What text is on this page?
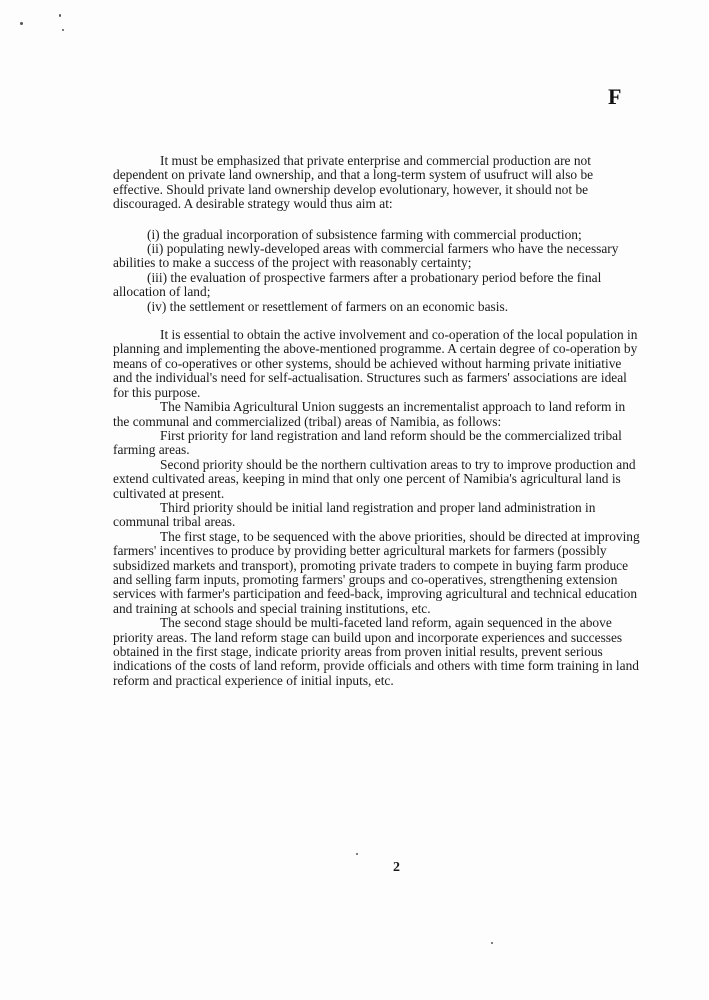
F

It must be emphasized that private enterprise and commercial production are not dependent on private land ownership, and that a long-term system of usufruct will also be effective. Should private land ownership develop evolutionary, however, it should not be discouraged. A desirable strategy would thus aim at:

(i) the gradual incorporation of subsistence farming with commercial production;

(ii) populating newly-developed areas with commercial farmers who have the necessary abilities to make a success of the project with reasonably certainty;

(iii) the evaluation of prospective farmers after a probationary period before the final allocation of land;

(iv) the settlement or resettlement of farmers on an economic basis.

It is essential to obtain the active involvement and co-operation of the local population in planning and implementing the above-mentioned programme. A certain degree of co-operation by means of co-operatives or other systems, should be achieved without harming private initiative and the individual's need for self-actualisation. Structures such as farmers' associations are ideal for this purpose.

The Namibia Agricultural Union suggests an incrementalist approach to land reform in the communal and commercialized (tribal) areas of Namibia, as follows:

First priority for land registration and land reform should be the commercialized tribal farming areas.

Second priority should be the northern cultivation areas to try to improve production and extend cultivated areas, keeping in mind that only one percent of Namibia's agricultural land is cultivated at present.

Third priority should be initial land registration and proper land administration in communal tribal areas.

The first stage, to be sequenced with the above priorities, should be directed at improving farmers' incentives to produce by providing better agricultural markets for farmers (possibly subsidized markets and transport), promoting private traders to compete in buying farm produce and selling farm inputs, promoting farmers' groups and co-operatives, strengthening extension services with farmer's participation and feed-back, improving agricultural and technical education and training at schools and special training institutions, etc.

The second stage should be multi-faceted land reform, again sequenced in the above priority areas. The land reform stage can build upon and incorporate experiences and successes obtained in the first stage, indicate priority areas from proven initial results, prevent serious indications of the costs of land reform, provide officials and others with time form training in land reform and practical experience of initial inputs, etc.

2
